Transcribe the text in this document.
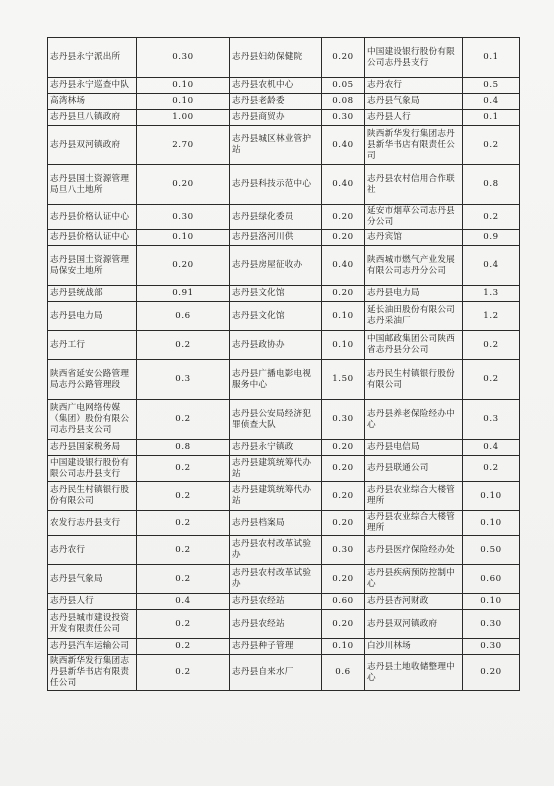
志丹县永宁派出所	0.30	志丹县妇幼保健院	0.20	中国建设银行股份有限公司志丹县支行	0.1
志丹县永宁巡查中队	0.10	志丹县农机中心	0.05	志丹农行	0.5
高湾林场	0.10	志丹县老龄委	0.08	志丹县气象局	0.4
志丹县旦八镇政府	1.00	志丹县商贸办	0.30	志丹县人行	0.1
志丹县双河镇政府	2.70	志丹县城区林业管护站	0.40	陕西新华发行集团志丹县新华书店有限责任公司	0.2
志丹县国土资源管理局旦八土地所	0.20	志丹县科技示范中心	0.40	志丹县农村信用合作联社	0.8
志丹县价格认证中心	0.30	志丹县绿化委员	0.20	延安市烟草公司志丹县分公司	0.2
志丹县价格认证中心	0.10	志丹县洛河川供	0.20	志丹宾馆	0.9
志丹县国土资源管理局保安土地所	0.20	志丹县房屋征收办	0.40	陕西城市燃气产业发展有限公司志丹分公司	0.4
志丹县统战部	0.91	志丹县文化馆	0.20	志丹县电力局	1.3
志丹县电力局	0.6	志丹县文化馆	0.10	延长油田股份有限公司志丹采油厂	1.2
志丹工行	0.2	志丹县政协办	0.10	中国邮政集团公司陕西省志丹县分公司	0.2
陕西省延安公路管理局志丹公路管理段	0.3	志丹县广播电影电视服务中心	1.50	志丹民生村镇银行股份有限公司	0.2
陕西广电网络传媒（集团）股份有限公司志丹县支公司	0.2	志丹县公安局经济犯罪侦查大队	0.30	志丹县养老保险经办中心	0.3
志丹县国家税务局	0.8	志丹县永宁镇政	0.20	志丹县电信局	0.4
中国建设银行股份有限公司志丹县支行	0.2	志丹县建筑统筹代办站	0.20	志丹县联通公司	0.2
志丹民生村镇银行股份有限公司	0.2	志丹县建筑统筹代办站	0.20	志丹县农业综合大楼管理所	0.10
农发行志丹县支行	0.2	志丹县档案局	0.20	志丹县农业综合大楼管理所	0.10
志丹农行	0.2	志丹县农村改革试验办	0.30	志丹县医疗保险经办处	0.50
志丹县气象局	0.2	志丹县农村改革试验办	0.20	志丹县疾病预防控制中心	0.60
志丹县人行	0.4	志丹县农经站	0.60	志丹县杏河财政	0.10
志丹县城市建设投资开发有限责任公司	0.2	志丹县农经站	0.20	志丹县双河镇政府	0.30
志丹县汽车运输公司	0.2	志丹县种子管理	0.10	白沙川林场	0.30
陕西新华发行集团志丹县新华书店有限责任公司	0.2	志丹县自来水厂	0.6	志丹县土地收储整理中心	0.20
